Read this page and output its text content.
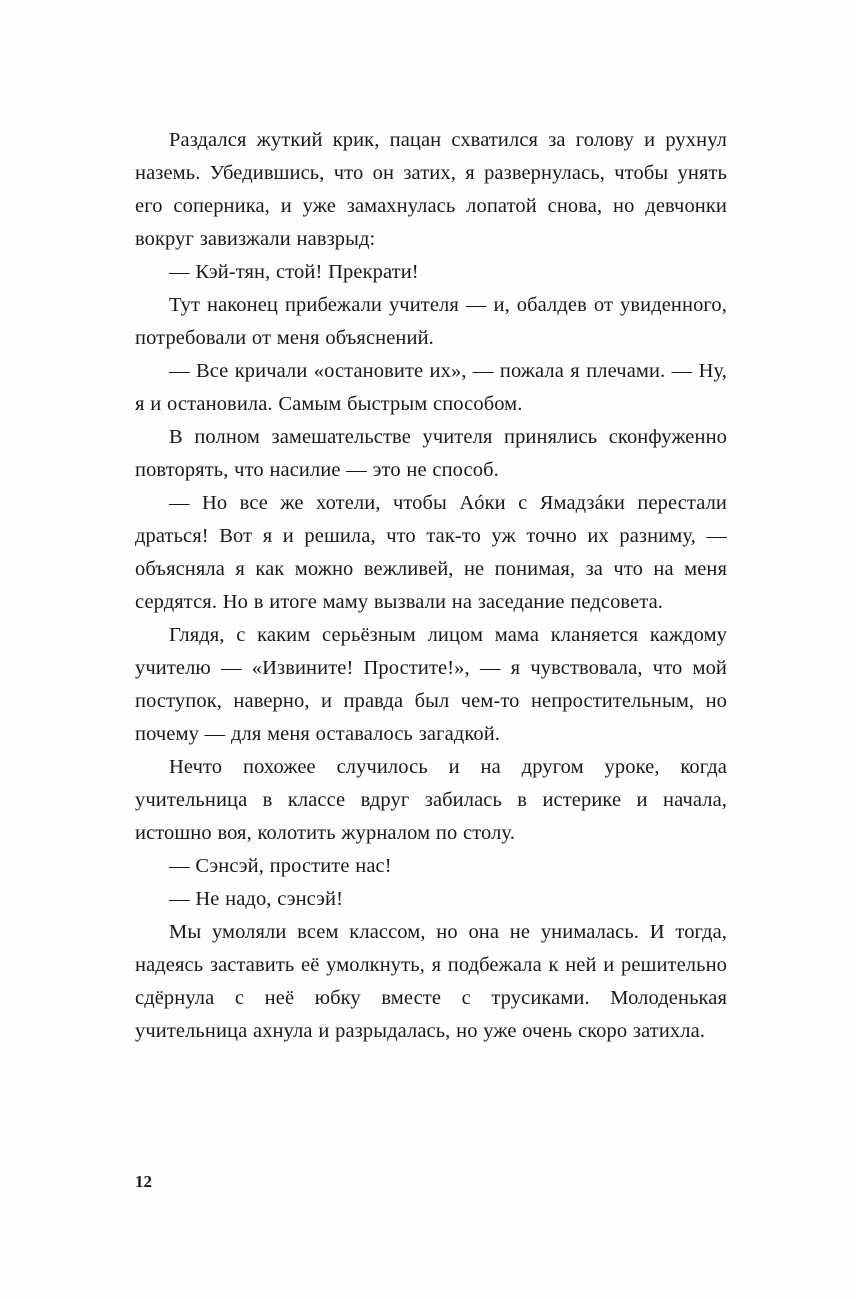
Раздался жуткий крик, пацан схватился за голову и рухнул наземь. Убедившись, что он затих, я развернулась, чтобы унять его соперника, и уже замахнулась лопатой снова, но девчонки вокруг завизжали навзрыд:

— Кэй-тян, стой! Прекрати!

Тут наконец прибежали учителя — и, обалдев от увиденного, потребовали от меня объяснений.

— Все кричали «остановите их», — пожала я плечами. — Ну, я и остановила. Самым быстрым способом.

В полном замешательстве учителя принялись сконфуженно повторять, что насилие — это не способ.

— Но все же хотели, чтобы Аóки с Ямадзáки перестали драться! Вот я и решила, что так-то уж точно их разниму, — объясняла я как можно вежливей, не понимая, за что на меня сердятся. Но в итоге маму вызвали на заседание педсовета.

Глядя, с каким серьёзным лицом мама кланяется каждому учителю — «Извините! Простите!», — я чувствовала, что мой поступок, наверно, и правда был чем-то непростительным, но почему — для меня оставалось загадкой.

Нечто похожее случилось и на другом уроке, когда учительница в классе вдруг забилась в истерике и начала, истошно воя, колотить журналом по столу.

— Сэнсэй, простите нас!

— Не надо, сэнсэй!

Мы умоляли всем классом, но она не унималась. И тогда, надеясь заставить её умолкнуть, я подбежала к ней и решительно сдёрнула с неё юбку вместе с трусиками. Молоденькая учительница ахнула и разрыдалась, но уже очень скоро затихла.

12
